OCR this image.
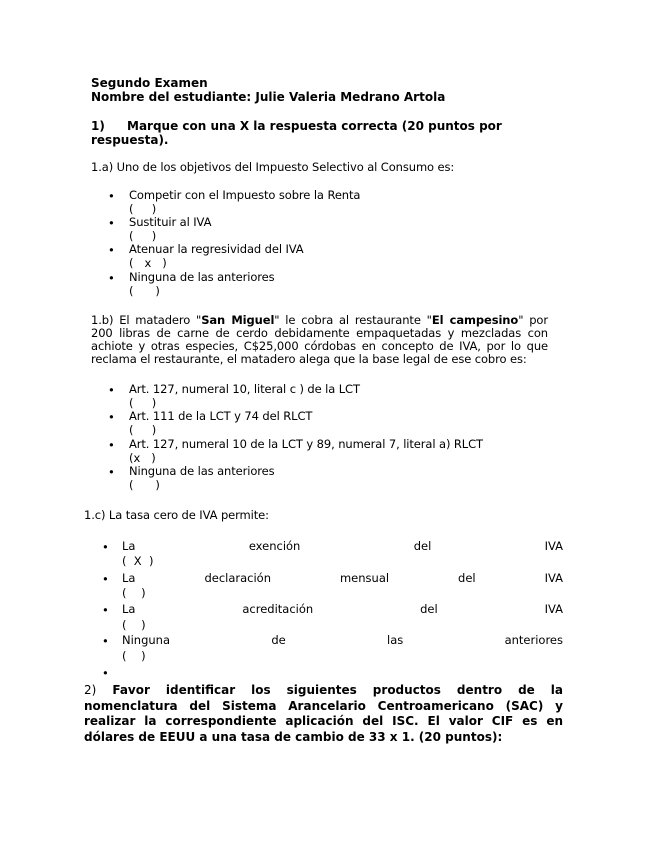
Segundo Examen
Nombre del estudiante: Julie Valeria Medrano Artola
1) Marque con una X la respuesta correcta (20 puntos por respuesta).
1.a) Uno de los objetivos del Impuesto Selectivo al Consumo es:
• Competir con el Impuesto sobre la Renta
(     )
• Sustituir al IVA
(     )
• Atenuar la regresividad del IVA
(   x   )
• Ninguna de las anteriores
(      )
1.b) El matadero "San Miguel" le cobra al restaurante "El campesino" por 200 libras de carne de cerdo debidamente empaquetadas y mezcladas con achiote y otras especies, C$25,000 córdobas en concepto de IVA, por lo que reclama el restaurante, el matadero alega que la base legal de ese cobro es:
• Art. 127, numeral 10, literal c ) de la LCT
(     )
• Art. 111 de la LCT y 74 del RLCT
(     )
• Art. 127, numeral 10 de la LCT y 89, numeral 7, literal a) RLCT
(x   )
• Ninguna de las anteriores
(      )
1.c) La tasa cero de IVA permite:
• La	exención	del	IVA
(  X  )
• La	declaración	mensual	del	IVA
(    )
• La	acreditación	del	IVA
(    )
• Ninguna	de	las	anteriores
(    )
•
2) Favor identificar los siguientes productos dentro de la nomenclatura del Sistema Arancelario Centroamericano (SAC) y realizar la correspondiente aplicación del ISC. El valor CIF es en dólares de EEUU a una tasa de cambio de 33 x 1. (20 puntos):
